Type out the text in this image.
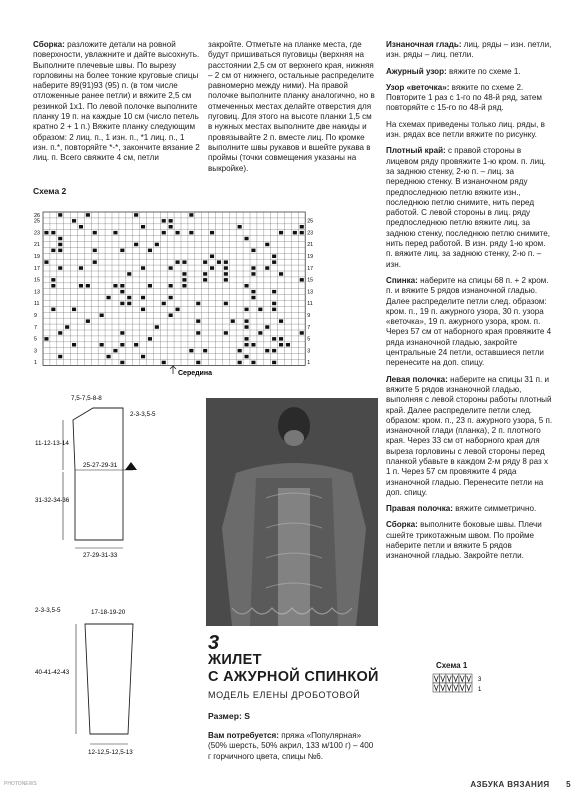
Сборка: разложите детали на ровной поверхности, увлажните и дайте высохнуть. Выполните плечевые швы. По вырезу горловины на более тонкие круговые спицы наберите 89(91)93 (95) п. (в том числе отложенные ранее петли) и вяжите 2,5 см резинкой 1х1. По левой полочке выполните планку 19 п. на каждые 10 см (число петель кратно 2 + 1 п.) Вяжите планку следующим образом: 2 лиц. п., 1 изн. п., *1 лиц. п., 1 изн. п.*, повторяйте *-*, закончите вязание 2 лиц. п. Всего свяжите 4 см, петли

закройте. Отметьте на планке места, где будут пришиваться пуговицы (верхняя на расстоянии 2,5 см от верхнего края, нижняя – 2 см от нижнего, остальные распределите равномерно между ними). На правой полочке выполните планку аналогично, но в отмеченных местах делайте отверстия для пуговиц. Для этого на высоте планки 1,5 см в нужных местах выполните две накиды и провязывайте 2 п. вместе лиц. По кромке выполните швы рукавов и вшейте рукава в проймы (точки совмещения указаны на выкройке).

Изнаночная гладь: лиц. ряды – изн. петли, изн. ряды – лиц. петли.

Ажурный узор: вяжите по схеме 1.

Узор «веточка»: вяжите по схеме 2. Повторите 1 раз с 1-го по 48-й ряд, затем повторяйте с 15-го по 48-й ряд.

На схемах приведены только лиц. ряды, в изн. рядах все петли вяжите по рисунку.

Плотный край: с правой стороны в лицевом ряду провяжите 1-ю кром. п. лиц. за заднюю стенку, 2-ю п. – лиц. за переднюю стенку. В изнаночном ряду предпоследнюю петлю вяжите изн., последнюю петлю снимите, нить перед работой. С левой стороны в лиц. ряду предпоследнюю петлю вяжите лиц. за заднюю стенку, последнюю петлю снимите, нить перед работой. В изн. ряду 1-ю кром. п. вяжите лиц. за заднюю стенку, 2-ю п. – изн.

Спинка: наберите на спицы 68 п. + 2 кром. п. и вяжите 5 рядов изнаночной гладью. Далее распределите петли след. образом: кром. п., 19 п. ажурного узора, 30 п. узора «веточка», 19 п. ажурного узора, кром. п. Через 57 см от наборного края провяжите 4 ряда изнаночной гладью, закройте центральные 24 петли, оставшиеся петли перенесите на доп. спицу.

Левая полочка: наберите на спицы 31 п. и вяжите 5 рядов изнаночной гладью, выполняя с левой стороны работы плотный край. Далее распределите петли след. образом: кром. п., 23 п. ажурного узора, 5 п. изнаночной глади (планка), 2 п. плотного края. Через 33 см от наборного края для выреза горловины с левой стороны перед планкой убавьте в каждом 2-м ряду 8 раз х 1 п. Через 57 см провяжите 4 ряда изнаночной гладью. Перенесите петли на доп. спицу.

Правая полочка: вяжите симметрично.

Сборка: выполните боковые швы. Плечи сшейте трикотажным швом. По пройме наберите петли и вяжите 5 рядов изнаночной гладью. Закройте петли.

Схема 2
26
25	25
23	23
21	21
19	19
17	17
15	15
13	13
11	11
9	9
7	7
5	5
3	3
1	1
Середина
7,5-7,5-8-8
2-3-3,5-5
11-12-13-14
25-27-29-31
31-32-34-36
27-29-31-33
2-3-3,5-5	17-18-19-20
40-41-42-43
12-12,5-12,5-13
3
ЖИЛЕТ
С АЖУРНОЙ СПИНКОЙ
МОДЕЛЬ ЕЛЕНЫ ДРОБОТОВОЙ
Размер: S
Вам потребуется: пряжа «Популярная» (50% шерсть, 50% акрил, 133 м/100 г) – 400 г горчичного цвета, спицы №6.
Схема 1
3
1
PHOTONEWS	АЗБУКА ВЯЗАНИЯ 5
